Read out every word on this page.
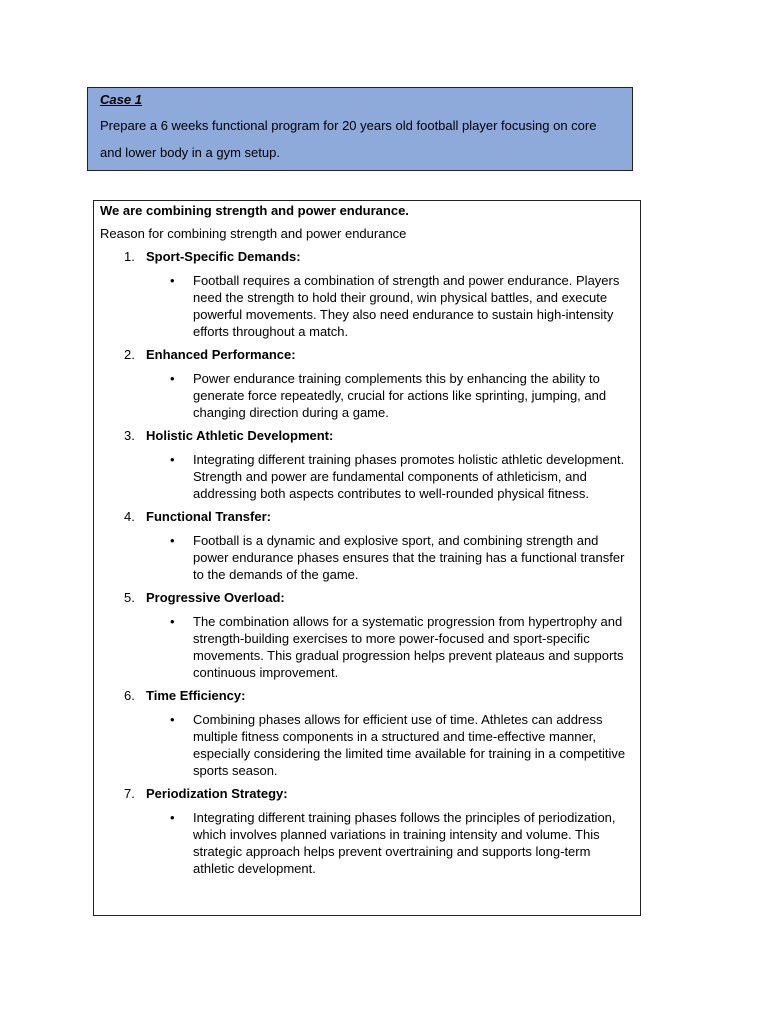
Case 1
Prepare a 6 weeks functional program for 20 years old football player focusing on core and lower body in a gym setup.
We are combining strength and power endurance.
Reason for combining strength and power endurance
1. Sport-Specific Demands:
• Football requires a combination of strength and power endurance. Players need the strength to hold their ground, win physical battles, and execute powerful movements. They also need endurance to sustain high-intensity efforts throughout a match.
2. Enhanced Performance:
• Power endurance training complements this by enhancing the ability to generate force repeatedly, crucial for actions like sprinting, jumping, and changing direction during a game.
3. Holistic Athletic Development:
• Integrating different training phases promotes holistic athletic development. Strength and power are fundamental components of athleticism, and addressing both aspects contributes to well-rounded physical fitness.
4. Functional Transfer:
• Football is a dynamic and explosive sport, and combining strength and power endurance phases ensures that the training has a functional transfer to the demands of the game.
5. Progressive Overload:
• The combination allows for a systematic progression from hypertrophy and strength-building exercises to more power-focused and sport-specific movements. This gradual progression helps prevent plateaus and supports continuous improvement.
6. Time Efficiency:
• Combining phases allows for efficient use of time. Athletes can address multiple fitness components in a structured and time-effective manner, especially considering the limited time available for training in a competitive sports season.
7. Periodization Strategy:
• Integrating different training phases follows the principles of periodization, which involves planned variations in training intensity and volume. This strategic approach helps prevent overtraining and supports long-term athletic development.
